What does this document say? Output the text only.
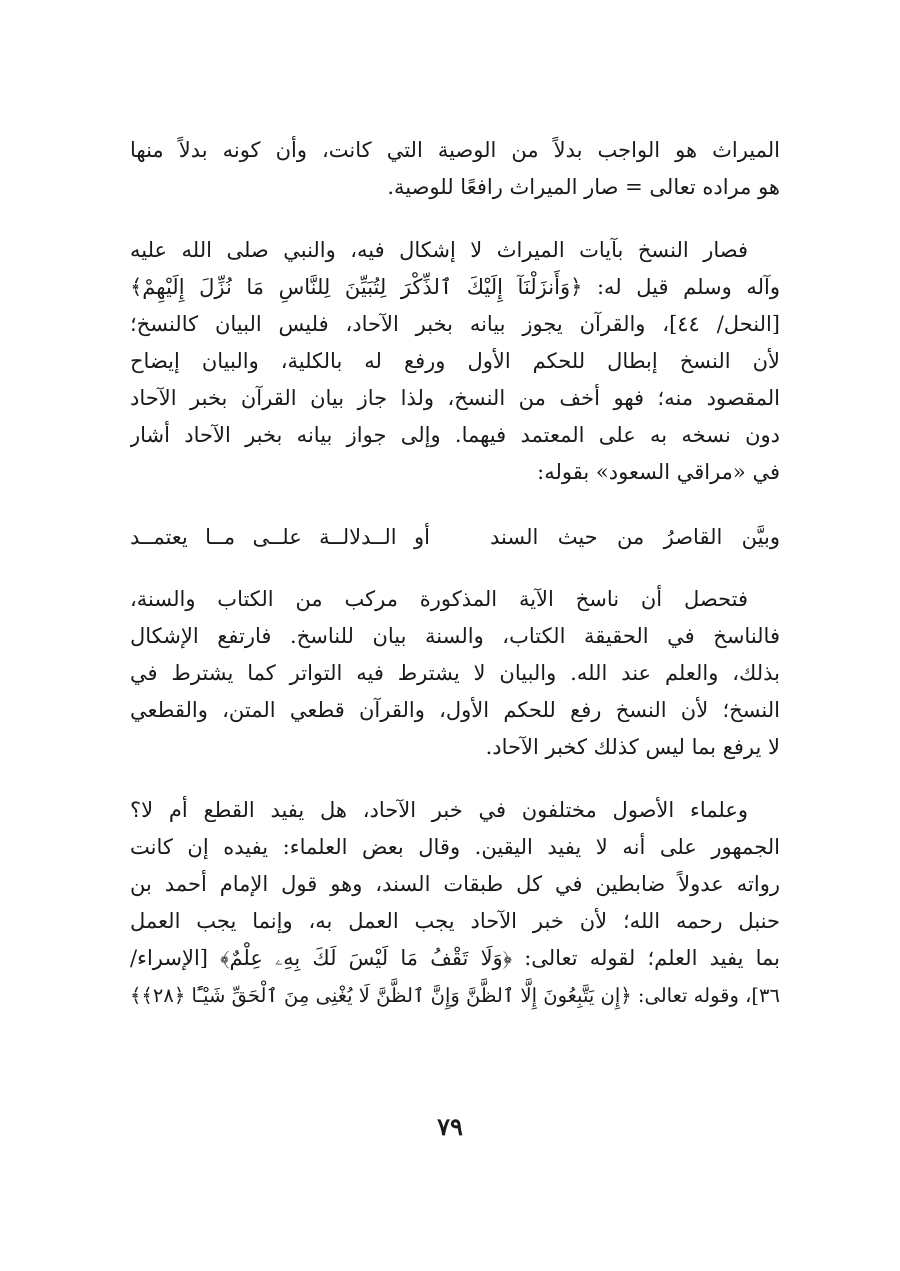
الميراث هو الواجب بدلاً من الوصية التي كانت، وأن كونه بدلاً منها
هو مراده تعالى = صار الميراث رافعًا للوصية.
فصار النسخ بآيات الميراث لا إشكال فيه، والنبي صلى الله عليه
وآله وسلم قيل له: ﴿وَأَنزَلْنَآ إِلَيْكَ ٱلذِّكْرَ لِتُبَيِّنَ لِلنَّاسِ مَا نُزِّلَ إِلَيْهِمْ﴾
[النحل/ ٤٤]، والقرآن يجوز بيانه بخبر الآحاد، فليس البيان كالنسخ؛
لأن النسخ إبطال للحكم الأول ورفع له بالكلية، والبيان إيضاح
المقصود منه؛ فهو أخف من النسخ، ولذا جاز بيان القرآن بخبر الآحاد
دون نسخه به على المعتمد فيهما. وإلى جواز بيانه بخبر الآحاد أشار
في «مراقي السعود» بقوله:
وبيَّن القاصرُ من حيث السند
أو الــدلالــة علــى مــا يعتمــد
فتحصل أن ناسخ الآية المذكورة مركب من الكتاب والسنة،
فالناسخ في الحقيقة الكتاب، والسنة بيان للناسخ. فارتفع الإشكال
بذلك، والعلم عند الله. والبيان لا يشترط فيه التواتر كما يشترط في
النسخ؛ لأن النسخ رفع للحكم الأول، والقرآن قطعي المتن، والقطعي
لا يرفع بما ليس كذلك كخبر الآحاد.
وعلماء الأصول مختلفون في خبر الآحاد، هل يفيد القطع أم لا؟
الجمهور على أنه لا يفيد اليقين. وقال بعض العلماء: يفيده إن كانت
رواته عدولاً ضابطين في كل طبقات السند، وهو قول الإمام أحمد بن
حنبل رحمه الله؛ لأن خبر الآحاد يجب العمل به، وإنما يجب العمل
بما يفيد العلم؛ لقوله تعالى: ﴿وَلَا تَقْفُ مَا لَيْسَ لَكَ بِهِۦ عِلْمٌ﴾ [الإسراء/
٣٦]، وقوله تعالى: ﴿إِن يَتَّبِعُونَ إِلَّا ٱلظَّنَّ وَإِنَّ ٱلظَّنَّ لَا يُغْنِى مِنَ ٱلْحَقِّ شَيْـًٔا ﴿٢٨﴾﴾
٧٩
